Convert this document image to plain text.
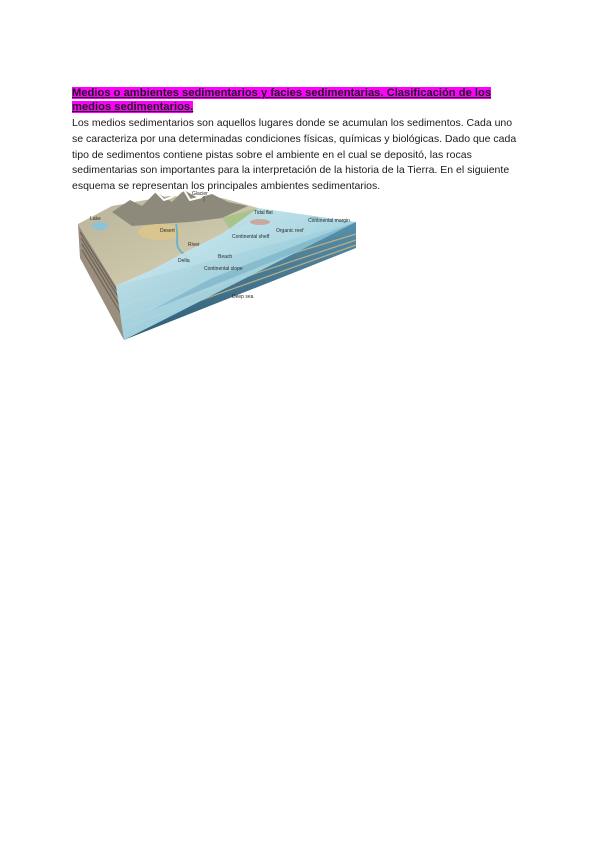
Medios o ambientes sedimentarios y facies sedimentarias. Clasificación de los medios sedimentarios.
Los medios sedimentarios son aquellos lugares donde se acumulan los sedimentos. Cada uno se caracteriza por una determinadas condiciones físicas, químicas y biológicas. Dado que cada tipo de sedimentos contiene pistas sobre el ambiente en el cual se depositó, las rocas sedimentarias son importantes para la interpretación de la historia de la Tierra. En el siguiente esquema se representan los principales ambientes sedimentarios.
Glacier
Lake
Tidal flat
Continental margin
Desert	Organic reef
Continental shelf
River
Delta
Beach
Continental slope
Deep sea
